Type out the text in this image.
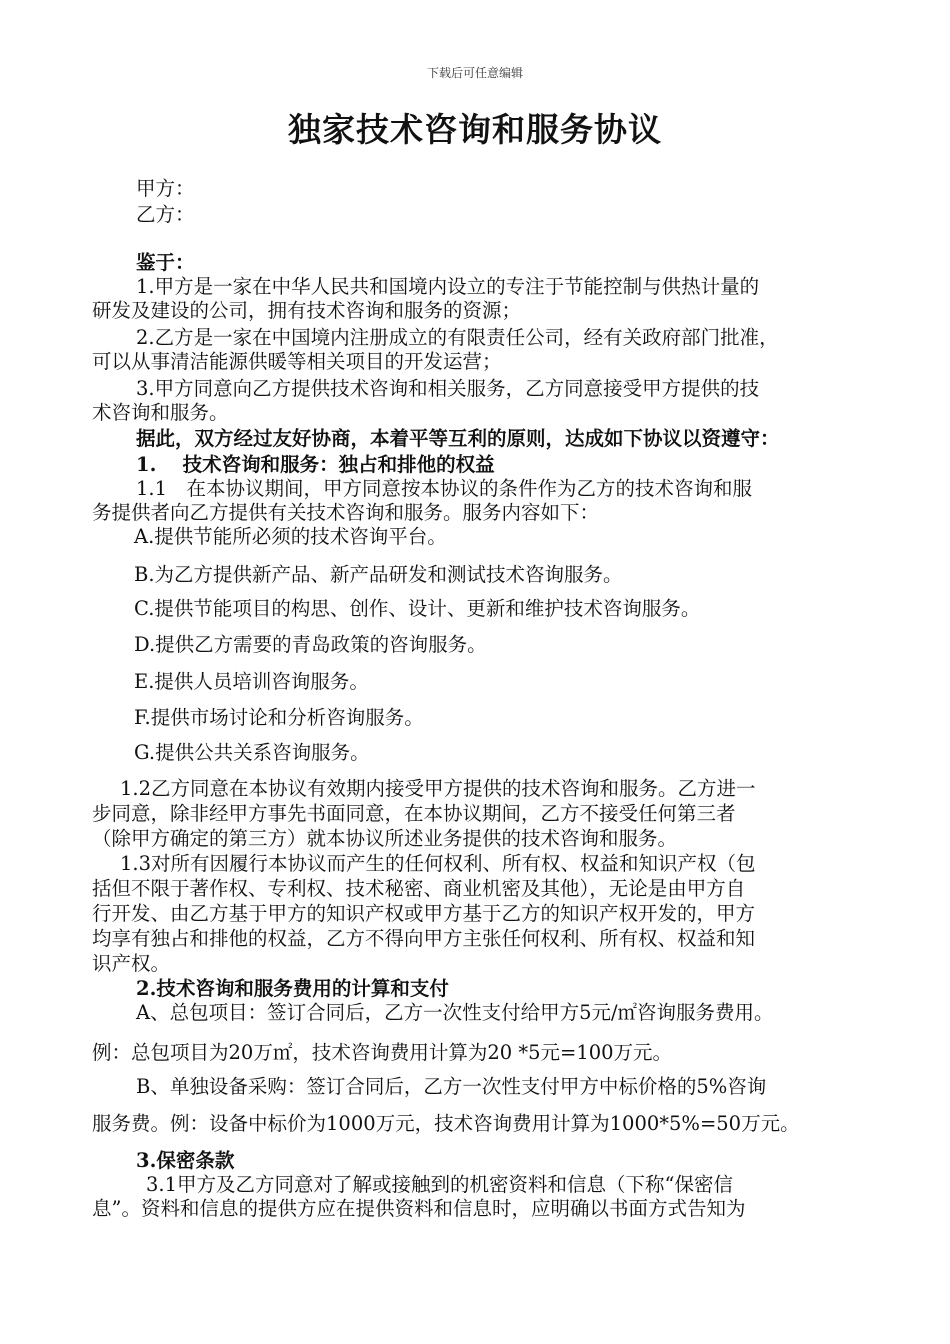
下载后可任意编辑
独家技术咨询和服务协议
甲方：
乙方：
鉴于：
1.甲方是一家在中华人民共和国境内设立的专注于节能控制与供热计量的
研发及建设的公司，拥有技术咨询和服务的资源；
2.乙方是一家在中国境内注册成立的有限责任公司，经有关政府部门批准，
可以从事清洁能源供暖等相关项目的开发运营；
3.甲方同意向乙方提供技术咨询和相关服务，乙方同意接受甲方提供的技
术咨询和服务。
据此，双方经过友好协商，本着平等互利的原则，达成如下协议以资遵守：
1.　 技术咨询和服务：独占和排他的权益
1.1　在本协议期间，甲方同意按本协议的条件作为乙方的技术咨询和服
务提供者向乙方提供有关技术咨询和服务。服务内容如下：
A.提供节能所必须的技术咨询平台。
B.为乙方提供新产品、新产品研发和测试技术咨询服务。
C.提供节能项目的构思、创作、设计、更新和维护技术咨询服务。
D.提供乙方需要的青岛政策的咨询服务。
E.提供人员培训咨询服务。
F.提供市场讨论和分析咨询服务。
G.提供公共关系咨询服务。
1.2乙方同意在本协议有效期内接受甲方提供的技术咨询和服务。乙方进一
步同意，除非经甲方事先书面同意，在本协议期间，乙方不接受任何第三者
（除甲方确定的第三方）就本协议所述业务提供的技术咨询和服务。
1.3对所有因履行本协议而产生的任何权利、所有权、权益和知识产权（包
括但不限于著作权、专利权、技术秘密、商业机密及其他），无论是由甲方自
行开发、由乙方基于甲方的知识产权或甲方基于乙方的知识产权开发的，甲方
均享有独占和排他的权益，乙方不得向甲方主张任何权利、所有权、权益和知
识产权。
2.技术咨询和服务费用的计算和支付
A、总包项目：签订合同后，乙方一次性支付给甲方5元/㎡咨询服务费用。
例：总包项目为20万㎡，技术咨询费用计算为20 *5元=100万元。
B、单独设备采购：签订合同后，乙方一次性支付甲方中标价格的5%咨询
服务费。例：设备中标价为1000万元，技术咨询费用计算为1000*5%=50万元。
3.保密条款
3.1甲方及乙方同意对了解或接触到的机密资料和信息（下称“保密信
息”。资料和信息的提供方应在提供资料和信息时，应明确以书面方式告知为
